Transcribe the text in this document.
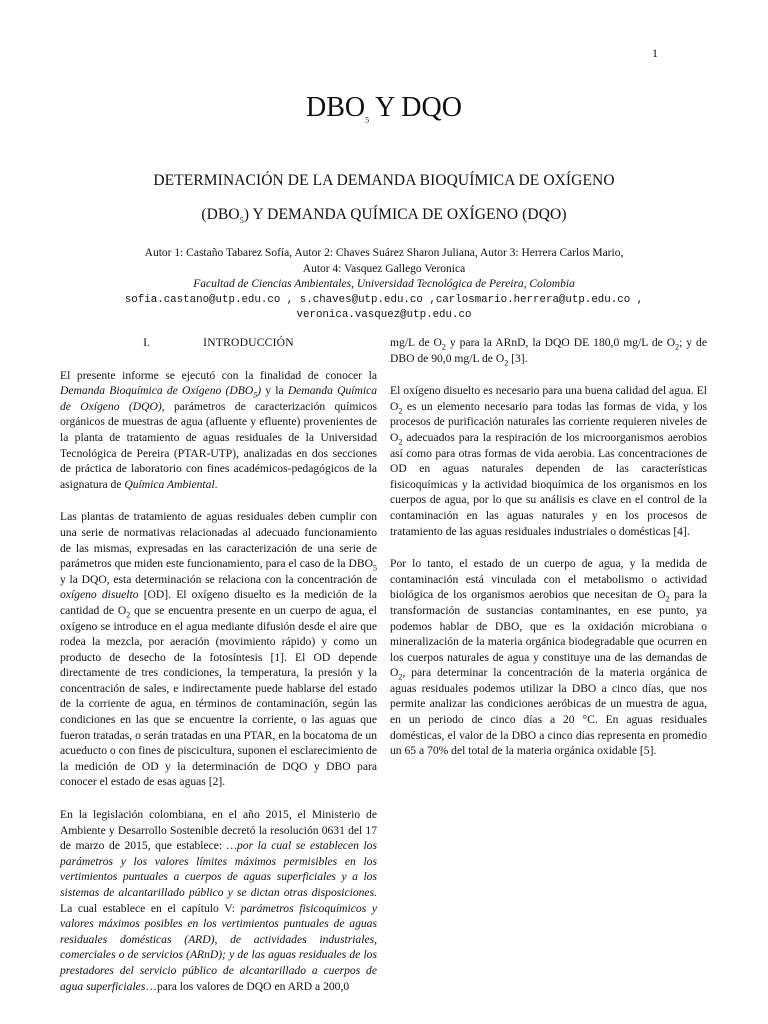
1
$DBO_5$ Y DQO
DETERMINACIÓN DE LA DEMANDA BIOQUÍMICA DE OXÍGENO
$(DBO_5)$ Y DEMANDA QUÍMICA DE OXÍGENO (DQO)
Autor 1: Castaño Tabarez Sofía, Autor 2: Chaves Suárez Sharon Juliana, Autor 3: Herrera Carlos Mario,
Autor 4: Vasquez Gallego Veronica
Facultad de Ciencias Ambientales, Universidad Tecnológica de Pereira, Colombia
sofia.castano@utp.edu.co , s.chaves@utp.edu.co ,carlosmario.herrera@utp.edu.co ,
veronica.vasquez@utp.edu.co
I.	INTRODUCCIÓN

El presente informe se ejecutó con la finalidad de conocer la Demanda Bioquímica de Oxígeno $(DBO_5)$ y la Demanda Química de Oxígeno (DQO), parámetros de caracterización químicos orgánicos de muestras de agua (afluente y efluente) provenientes de la planta de tratamiento de aguas residuales de la Universidad Tecnológica de Pereira (PTAR-UTP), analizadas en dos secciones de práctica de laboratorio con fines académicos-pedagógicos de la asignatura de Química Ambiental.

Las plantas de tratamiento de aguas residuales deben cumplir con una serie de normativas relacionadas al adecuado funcionamiento de las mismas, expresadas en las caracterización de una serie de parámetros que miden este funcionamiento, para el caso de la $DBO_5$ y la DQO, esta determinación se relaciona con la concentración de oxígeno disuelto [OD]. El oxígeno disuelto es la medición de la cantidad de $O_2$ que se encuentra presente en un cuerpo de agua, el oxígeno se introduce en el agua mediante difusión desde el aire que rodea la mezcla, por aeración (movimiento rápido) y como un producto de desecho de la fotosíntesis [1]. El OD depende directamente de tres condiciones, la temperatura, la presión y la concentración de sales, e indirectamente puede hablarse del estado de la corriente de agua, en términos de contaminación, según las condiciones en las que se encuentre la corriente, o las aguas que fueron tratadas, o serán tratadas en una PTAR, en la bocatoma de un acueducto o con fines de piscicultura, suponen el esclarecimiento de la medición de OD y la determinación de DQO y DBO para conocer el estado de esas aguas [2].

En la legislación colombiana, en el año 2015, el Ministerio de Ambiente y Desarrollo Sostenible decretó la resolución 0631 del 17 de marzo de 2015, que establece: …por la cual se establecen los parámetros y los valores límites máximos permisibles en los vertimientos puntuales a cuerpos de aguas superficiales y a los sistemas de alcantarillado público y se dictan otras disposiciones. La cual establece en el capítulo V: parámetros fisicoquímicos y valores máximos posibles en los vertimientos puntuales de aguas residuales domésticas (ARD), de actividades industriales, comerciales o de servicios (ARnD); y de las aguas residuales de los prestadores del servicio público de alcantarillado a cuerpos de agua superficiales…para los valores de DQO en ARD a 200,0

mg/L de $O_2$ y para la ARnD, la DQO DE 180,0 mg/L de $O_2$; y de DBO de 90,0 mg/L de $O_2$ [3].

El oxígeno disuelto es necesario para una buena calidad del agua. El $O_2$ es un elemento necesario para todas las formas de vida, y los procesos de purificación naturales las corriente requieren niveles de $O_2$ adecuados para la respiración de los microorganismos aerobios así como para otras formas de vida aerobia. Las concentraciones de OD en aguas naturales dependen de las características fisicoquímicas y la actividad bioquímica de los organismos en los cuerpos de agua, por lo que su análisis es clave en el control de la contaminación en las aguas naturales y en los procesos de tratamiento de las aguas residuales industriales o domésticas [4].

Por lo tanto, el estado de un cuerpo de agua, y la medida de contaminación está vinculada con el metabolismo o actividad biológica de los organismos aerobios que necesitan de $O_2$ para la transformación de sustancias contaminantes, en ese punto, ya podemos hablar de DBO, que es la oxidación microbiana o mineralización de la materia orgánica biodegradable que ocurren en los cuerpos naturales de agua y constituye una de las demandas de $O_2$, para determinar la concentración de la materia orgánica de aguas residuales podemos utilizar la DBO a cinco días, que nos permite analizar las condiciones aeróbicas de un muestra de agua, en un periodo de cinco días a 20 °C. En aguas residuales domésticas, el valor de la DBO a cinco días representa en promedio un 65 a 70% del total de la materia orgánica oxidable [5].
